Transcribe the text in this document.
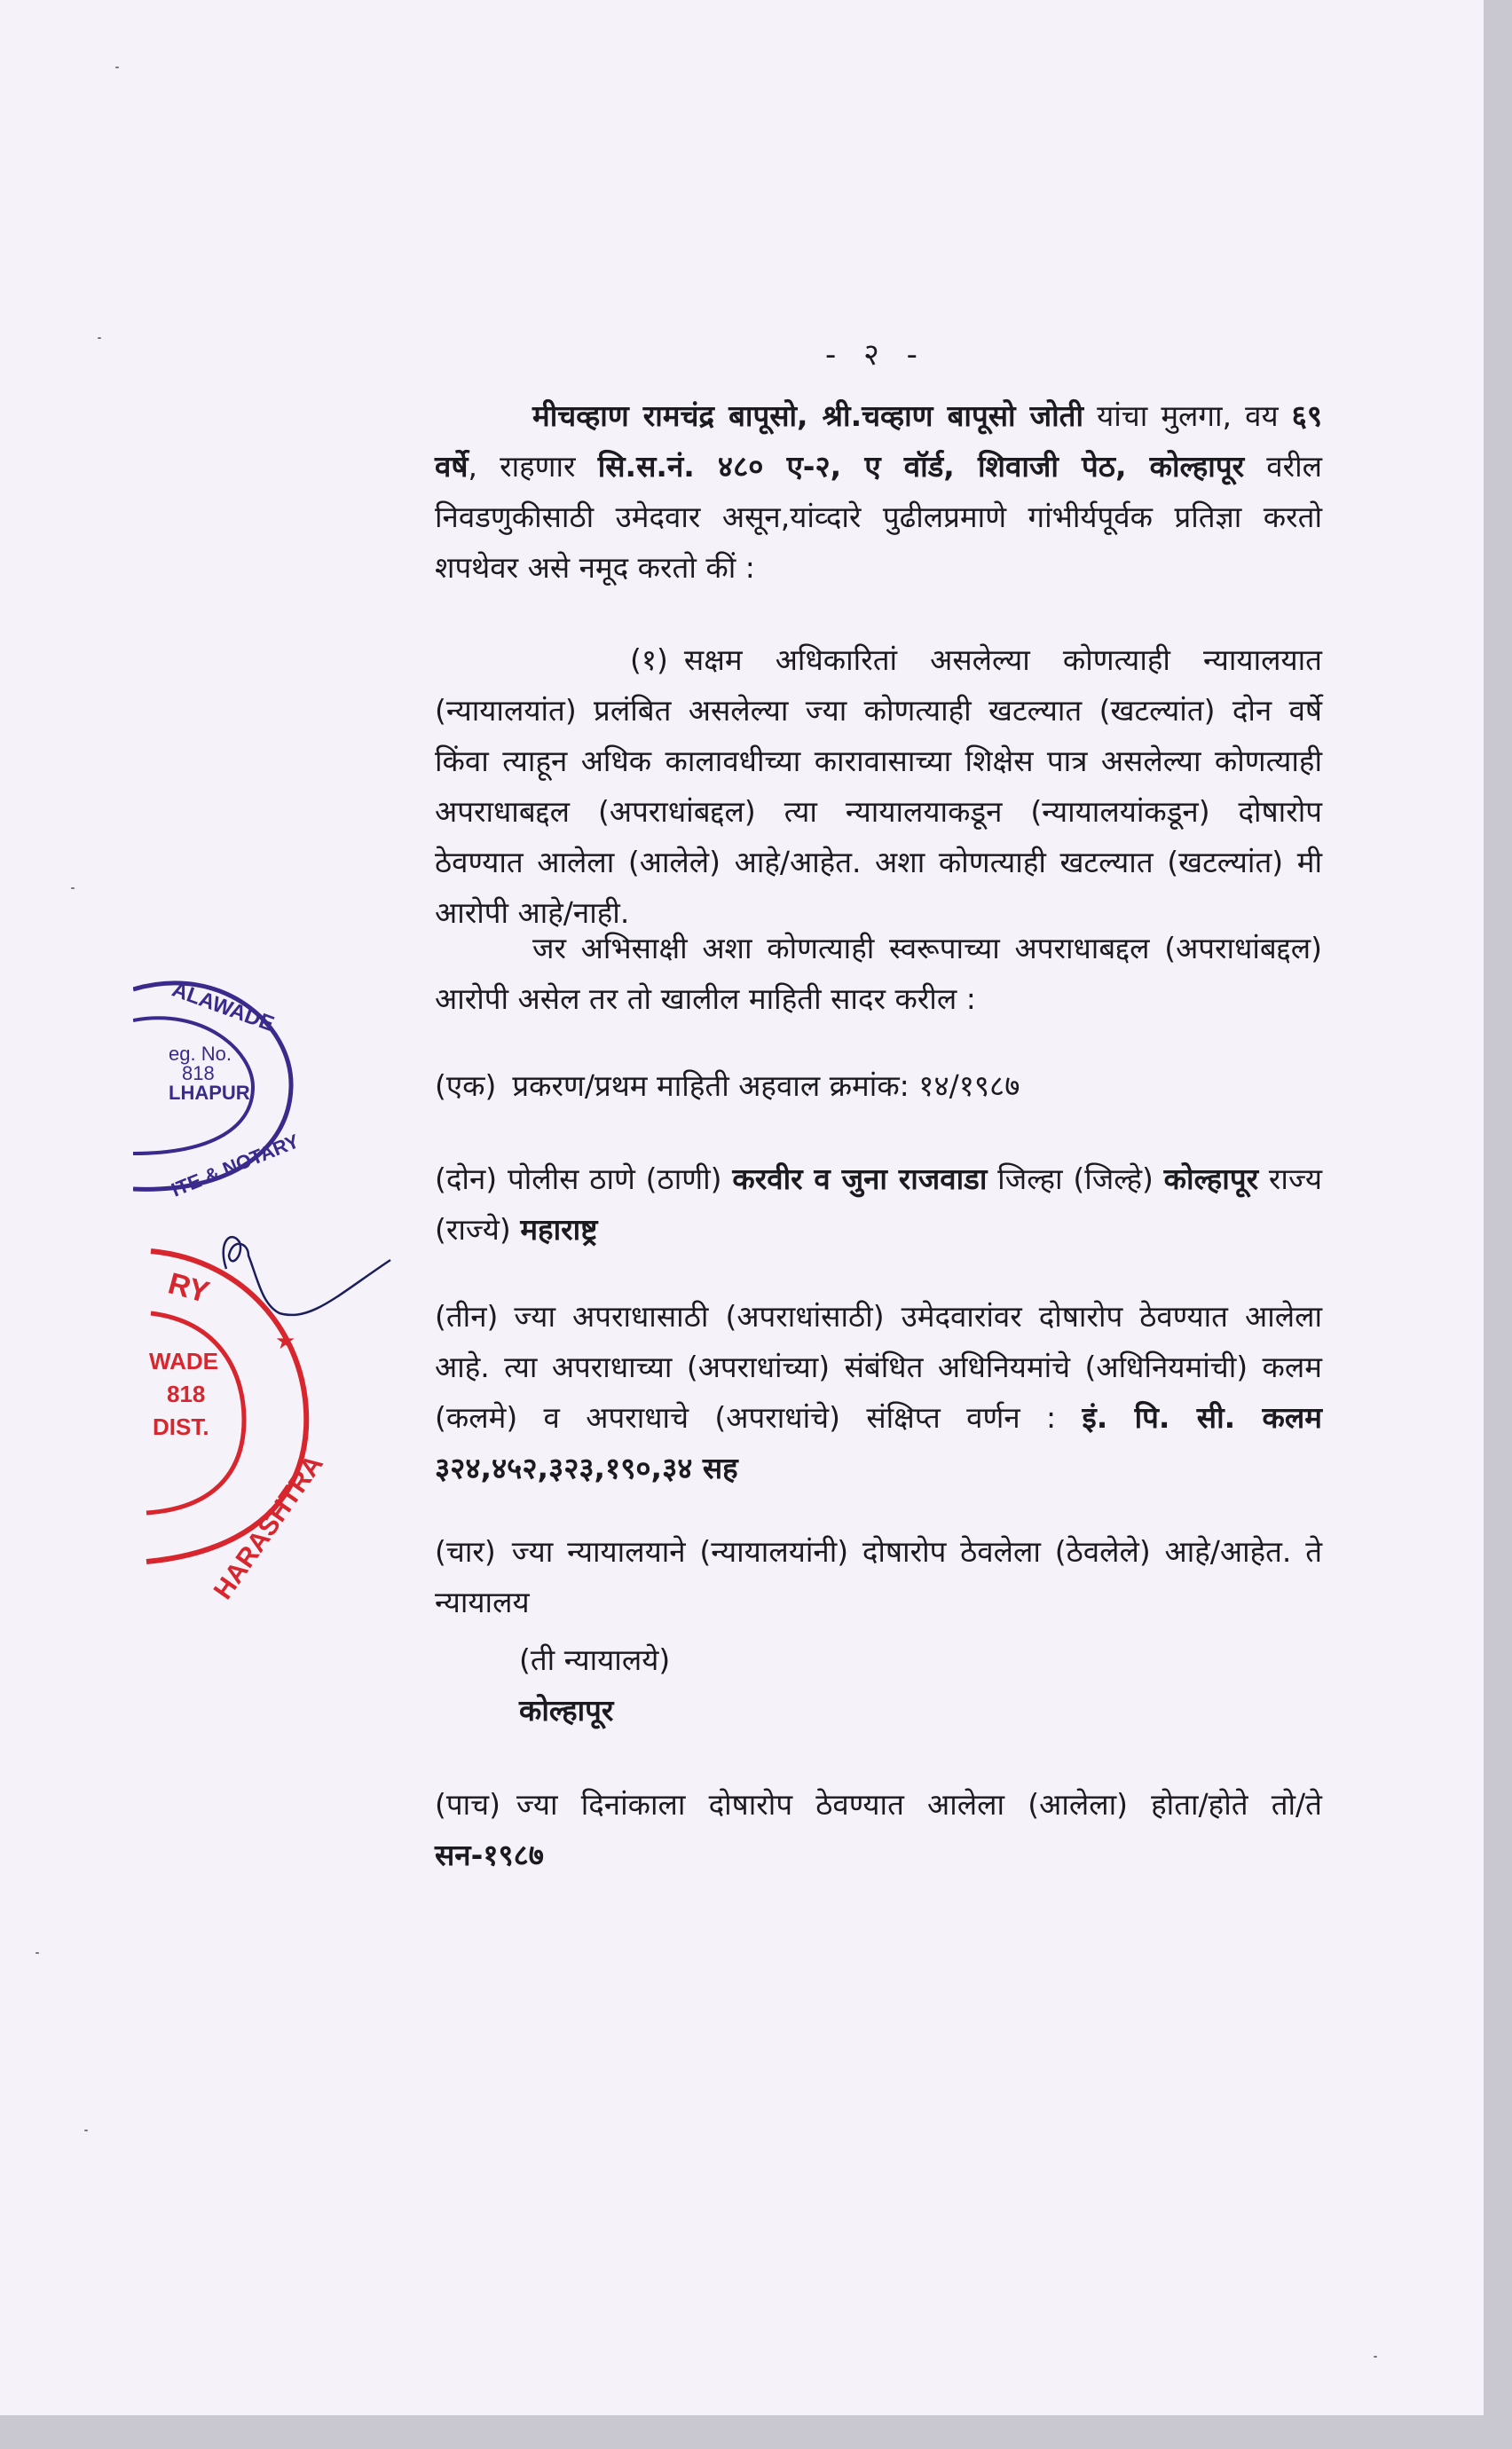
- २ -
मीचव्हाण रामचंद्र बापूसो, श्री.चव्हाण बापूसो जोती यांचा मुलगा, वय ६९ वर्षे, राहणार सि.स.नं. ४८० ए-२, ए वॉर्ड, शिवाजी पेठ, कोल्हापूर वरील निवडणुकीसाठी उमेदवार असून,यांव्दारे पुढीलप्रमाणे गांभीर्यपूर्वक प्रतिज्ञा करतो शपथेवर असे नमूद करतो कीं :
(१) सक्षम अधिकारितां असलेल्या कोणत्याही न्यायालयात (न्यायालयांत) प्रलंबित असलेल्या ज्या कोणत्याही खटल्यात (खटल्यांत) दोन वर्षे किंवा त्याहून अधिक कालावधीच्या कारावासाच्या शिक्षेस पात्र असलेल्या कोणत्याही अपराधाबद्दल (अपराधांबद्दल) त्या न्यायालयाकडून (न्यायालयांकडून) दोषारोप ठेवण्यात आलेला (आलेले) आहे/आहेत. अशा कोणत्याही खटल्यात (खटल्यांत) मी आरोपी आहे/नाही.
जर अभिसाक्षी अशा कोणत्याही स्वरूपाच्या अपराधाबद्दल (अपराधांबद्दल) आरोपी असेल तर तो खालील माहिती सादर करील :
(एक) प्रकरण/प्रथम माहिती अहवाल क्रमांक: १४/१९८७
(दोन) पोलीस ठाणे (ठाणी) करवीर व जुना राजवाडा जिल्हा (जिल्हे) कोल्हापूर राज्य (राज्ये) महाराष्ट्र
(तीन) ज्या अपराधासाठी (अपराधांसाठी) उमेदवारांवर दोषारोप ठेवण्यात आलेला आहे. त्या अपराधाच्या (अपराधांच्या) संबंधित अधिनियमांचे (अधिनियमांची) कलम (कलमे) व अपराधाचे (अपराधांचे) संक्षिप्त वर्णन : इं. पि. सी. कलम ३२४,४५२,३२३,१९०,३४ सह
(चार) ज्या न्यायालयाने (न्यायालयांनी) दोषारोप ठेवलेला (ठेवलेले) आहे/आहेत. ते न्यायालय
(ती न्यायालये)
कोल्हापूर
(पाच) ज्या दिनांकाला दोषारोप ठेवण्यात आलेला (आलेला) होता/होते तो/ते सन-१९८७
ALAWADE
eg. No.
818
LHAPUR
ITE & NOTARY
RY
WADE
818
DIST.
HARASHTRA
★
